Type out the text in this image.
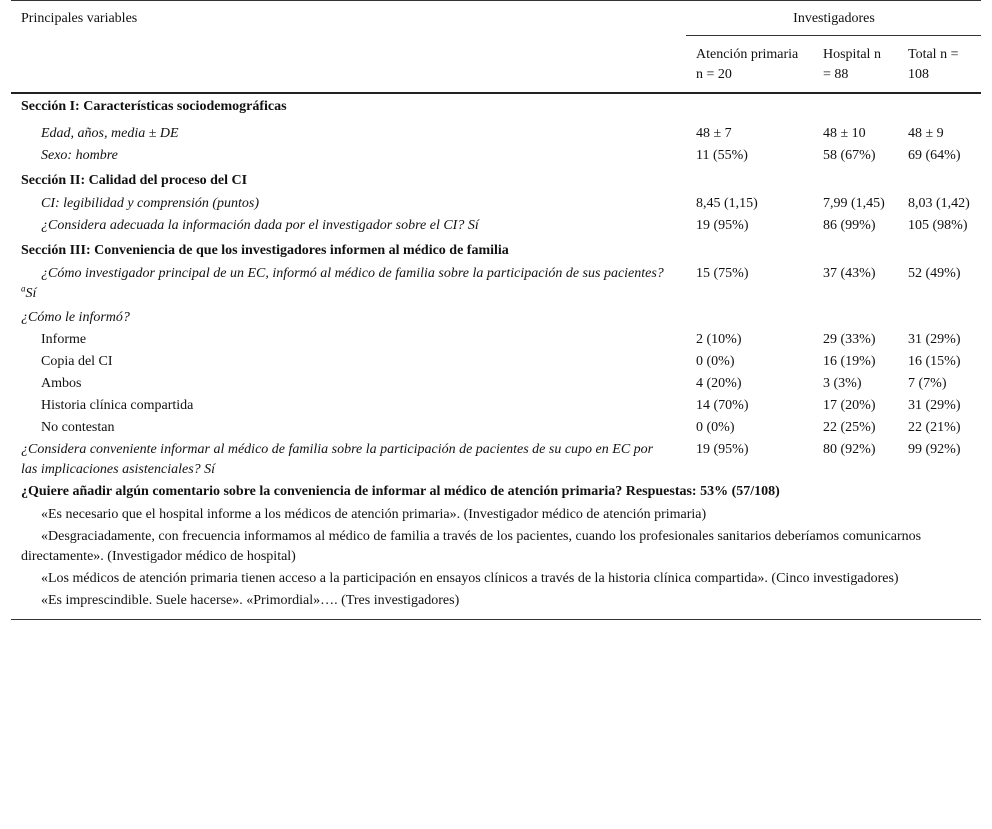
Principales variables	Investigadores		
	Atención primaria n = 20	Hospital n = 88	Total n = 108
Sección I: Características sociodemográficas			
Edad, años, media ± DE	48 ± 7	48 ± 10	48 ± 9
Sexo: hombre	11 (55%)	58 (67%)	69 (64%)
Sección II: Calidad del proceso del CI			
CI: legibilidad y comprensión (puntos)	8,45 (1,15)	7,99 (1,45)	8,03 (1,42)
¿Considera adecuada la información dada por el investigador sobre el CI? Sí	19 (95%)	86 (99%)	105 (98%)
Sección III: Conveniencia de que los investigadores informen al médico de familia			
¿Cómo investigador principal de un EC, informó al médico de familia sobre la participación de sus pacientes?$^a$Sí	15 (75%)	37 (43%)	52 (49%)
¿Cómo le informó?			
Informe	2 (10%)	29 (33%)	31 (29%)
Copia del CI	0 (0%)	16 (19%)	16 (15%)
Ambos	4 (20%)	3 (3%)	7 (7%)
Historia clínica compartida	14 (70%)	17 (20%)	31 (29%)
No contestan	0 (0%)	22 (25%)	22 (21%)
¿Considera conveniente informar al médico de familia sobre la participación de pacientes de su cupo en EC por las implicaciones asistenciales? Sí	19 (95%)	80 (92%)	99 (92%)
¿Quiere añadir algún comentario sobre la conveniencia de informar al médico de atención primaria? Respuestas: 53% (57/108)			
«Es necesario que el hospital informe a los médicos de atención primaria». (Investigador médico de atención primaria)			
«Desgraciadamente, con frecuencia informamos al médico de familia a través de los pacientes, cuando los profesionales sanitarios deberíamos comunicarnos directamente». (Investigador médico de hospital)			
«Los médicos de atención primaria tienen acceso a la participación en ensayos clínicos a través de la historia clínica compartida». (Cinco investigadores)			
«Es imprescindible. Suele hacerse». «Primordial»…. (Tres investigadores)			
